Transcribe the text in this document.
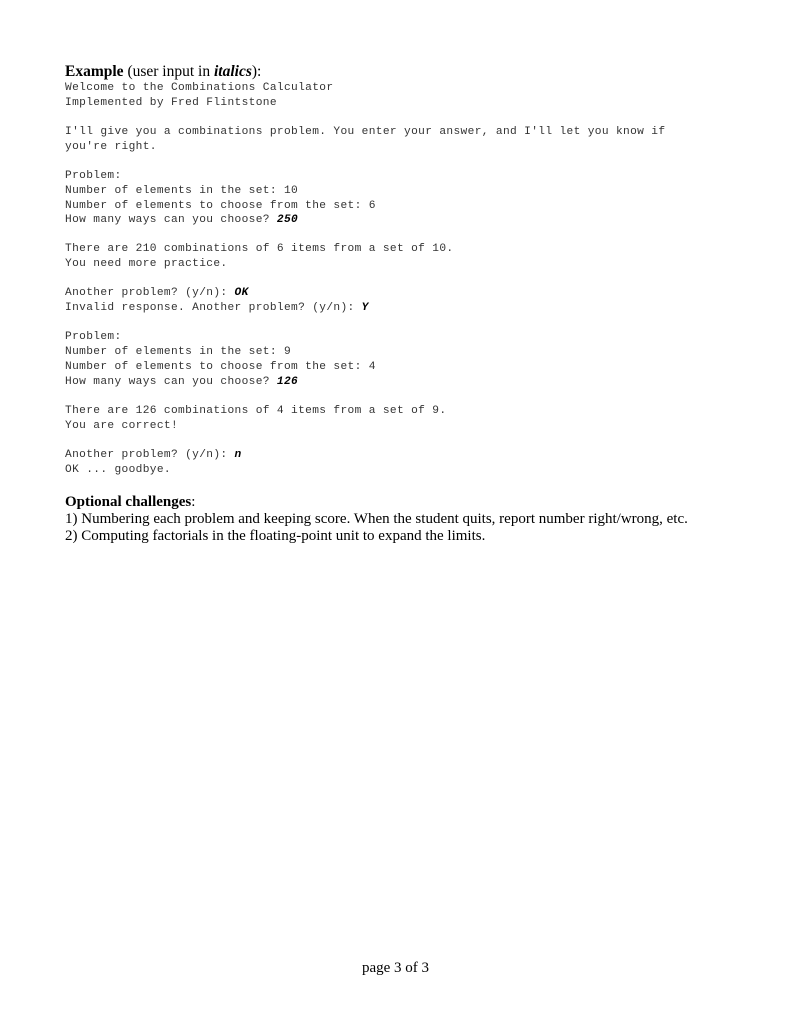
Example (user input in italics):
Welcome to the Combinations Calculator
Implemented by Fred Flintstone
I'll give you a combinations problem. You enter your answer, and I'll let you know if
you're right.
Problem:
Number of elements in the set: 10
Number of elements to choose from the set: 6
How many ways can you choose? 250
There are 210 combinations of 6 items from a set of 10.
You need more practice.
Another problem? (y/n): OK
Invalid response. Another problem? (y/n): Y
Problem:
Number of elements in the set: 9
Number of elements to choose from the set: 4
How many ways can you choose? 126
There are 126 combinations of 4 items from a set of 9.
You are correct!
Another problem? (y/n): n
OK ... goodbye.
Optional challenges:
1) Numbering each problem and keeping score. When the student quits, report number right/wrong, etc.
2) Computing factorials in the floating-point unit to expand the limits.
page 3 of 3
